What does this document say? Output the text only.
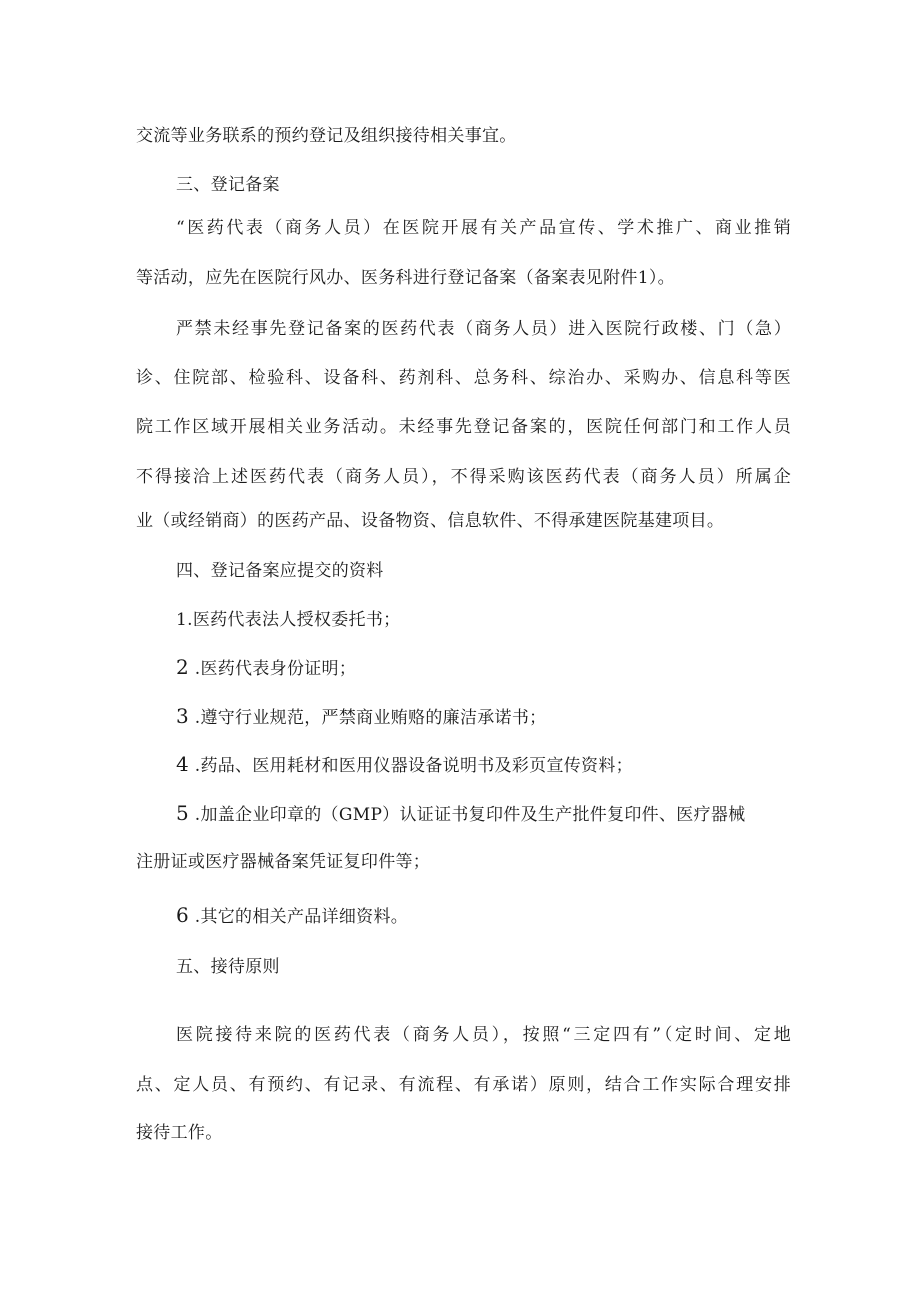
交流等业务联系的预约登记及组织接待相关事宜。
三、登记备案
“医药代表（商务人员）在医院开展有关产品宣传、学术推广、商业推销
等活动，应先在医院行风办、医务科进行登记备案（备案表见附件1）。
严禁未经事先登记备案的医药代表（商务人员）进入医院行政楼、门（急）
诊、住院部、检验科、设备科、药剂科、总务科、综治办、采购办、信息科等医
院工作区域开展相关业务活动。未经事先登记备案的，医院任何部门和工作人员
不得接洽上述医药代表（商务人员），不得采购该医药代表（商务人员）所属企
业（或经销商）的医药产品、设备物资、信息软件、不得承建医院基建项目。
四、登记备案应提交的资料
1.医药代表法人授权委托书；
2 .医药代表身份证明；
3 .遵守行业规范，严禁商业贿赂的廉洁承诺书；
4 .药品、医用耗材和医用仪器设备说明书及彩页宣传资料；
5 .加盖企业印章的（GMP）认证证书复印件及生产批件复印件、医疗器械
注册证或医疗器械备案凭证复印件等；
6 .其它的相关产品详细资料。
五、接待原则
医院接待来院的医药代表（商务人员），按照“三定四有”（定时间、定地
点、定人员、有预约、有记录、有流程、有承诺）原则，结合工作实际合理安排
接待工作。
